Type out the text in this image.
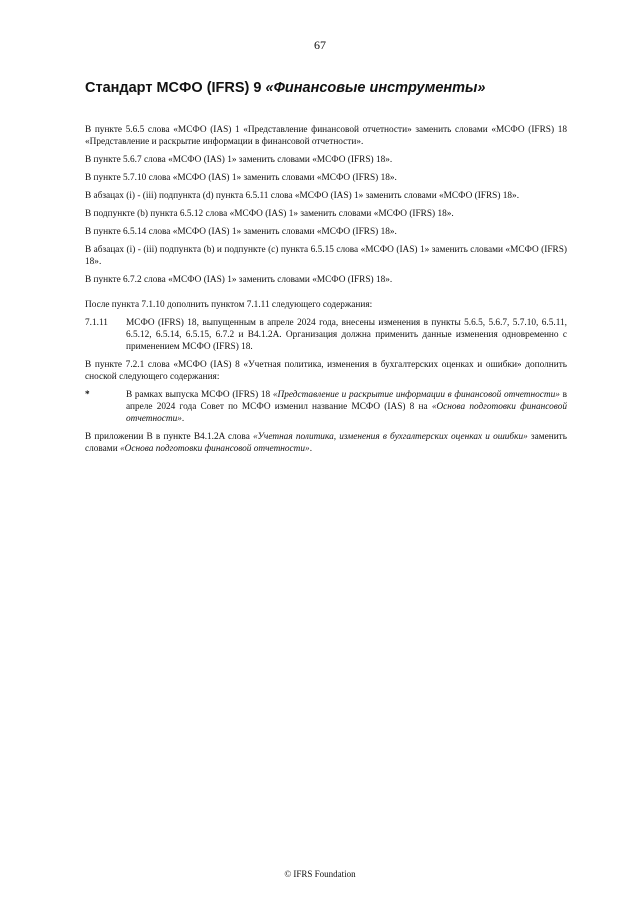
67
Стандарт МСФО (IFRS) 9 «Финансовые инструменты»

В пункте 5.6.5 слова «МСФО (IAS) 1 «Представление финансовой отчетности» заменить словами «МСФО (IFRS) 18 «Представление и раскрытие информации в финансовой отчетности».

В пункте 5.6.7 слова «МСФО (IAS) 1» заменить словами «МСФО (IFRS) 18».

В пункте 5.7.10 слова «МСФО (IAS) 1» заменить словами «МСФО (IFRS) 18».

В абзацах (i) - (iii) подпункта (d) пункта 6.5.11 слова «МСФО (IAS) 1» заменить словами «МСФО (IFRS) 18».

В подпункте (b) пункта 6.5.12 слова «МСФО (IAS) 1» заменить словами «МСФО (IFRS) 18».

В пункте 6.5.14 слова «МСФО (IAS) 1» заменить словами «МСФО (IFRS) 18».

В абзацах (i) - (iii) подпункта (b) и подпункте (c) пункта 6.5.15 слова «МСФО (IAS) 1» заменить словами «МСФО (IFRS) 18».

В пункте 6.7.2 слова «МСФО (IAS) 1» заменить словами «МСФО (IFRS) 18».

После пункта 7.1.10 дополнить пунктом 7.1.11 следующего содержания:

7.1.11	МСФО (IFRS) 18, выпущенным в апреле 2024 года, внесены изменения в пункты 5.6.5, 5.6.7, 5.7.10, 6.5.11, 6.5.12, 6.5.14, 6.5.15, 6.7.2 и B4.1.2A. Организация должна применить данные изменения одновременно с применением МСФО (IFRS) 18.

В пункте 7.2.1 слова «МСФО (IAS) 8 «Учетная политика, изменения в бухгалтерских оценках и ошибки» дополнить сноской следующего содержания:

*	В рамках выпуска МСФО (IFRS) 18 «Представление и раскрытие информации в финансовой отчетности» в апреле 2024 года Совет по МСФО изменил название МСФО (IAS) 8 на «Основа подготовки финансовой отчетности».

В приложении B в пункте B4.1.2A слова «Учетная политика, изменения в бухгалтерских оценках и ошибки» заменить словами «Основа подготовки финансовой отчетности».

© IFRS Foundation
